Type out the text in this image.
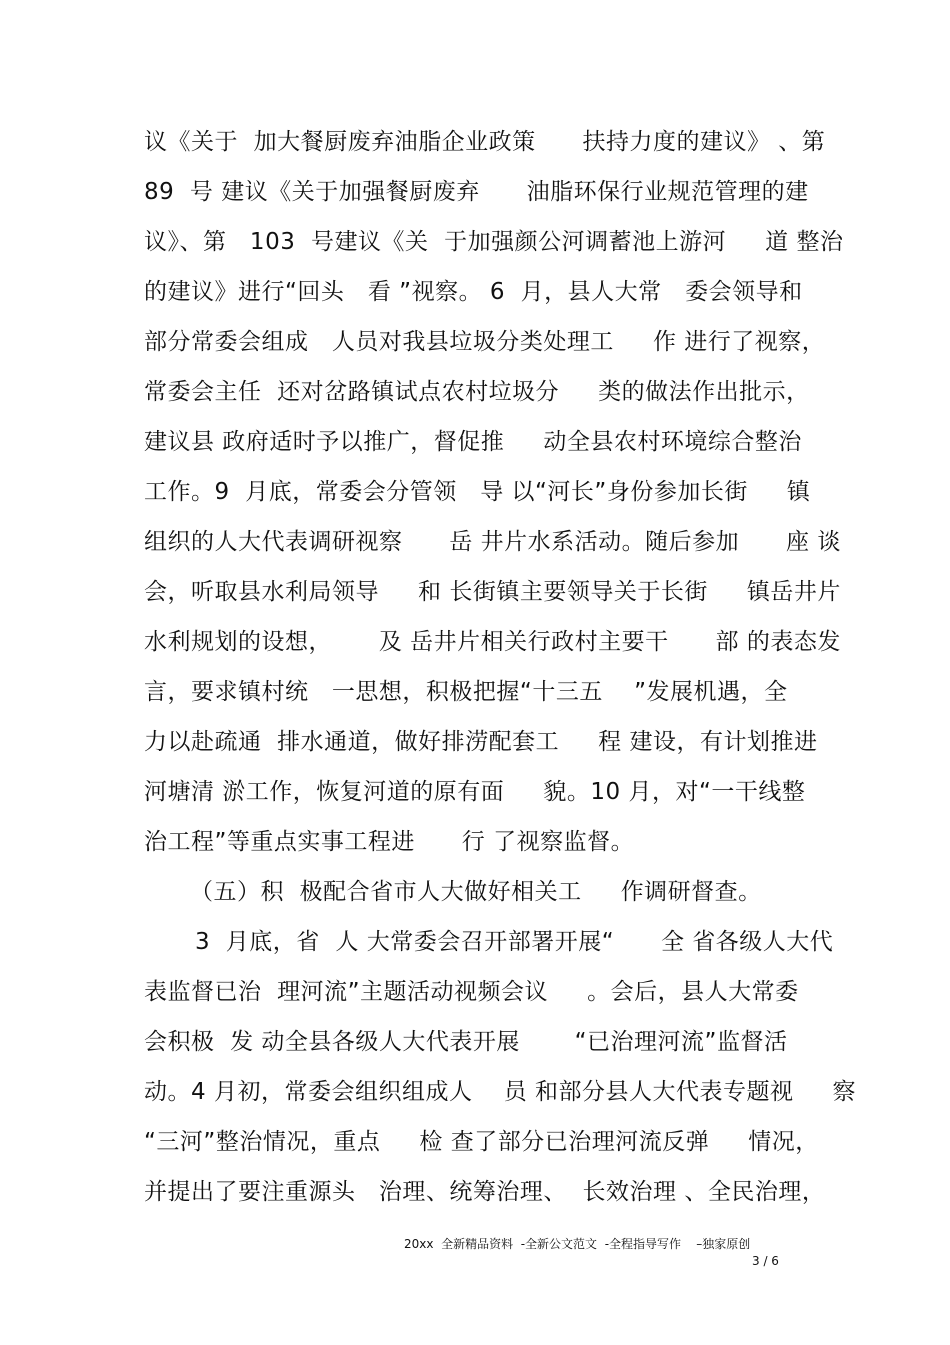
议《关于  加大餐厨废弃油脂企业政策      扶持力度的建议》 、第
89  号 建议《关于加强餐厨废弃      油脂环保行业规范管理的建
议》、第   103  号建议《关  于加强颜公河调蓄池上游河     道 整治
的建议》进行“回头   看 ”视察。 6  月，县人大常   委会领导和
部分常委会组成   人员对我县垃圾分类处理工     作 进行了视察，
常委会主任  还对岔路镇试点农村垃圾分     类的做法作出批示，
建议县 政府适时予以推广，督促推     动全县农村环境综合整治
工作。9  月底，常委会分管领   导 以“河长”身份参加长街     镇
组织的人大代表调研视察      岳 井片水系活动。随后参加      座 谈
会，听取县水利局领导     和 长街镇主要领导关于长街     镇岳井片
水利规划的设想，      及 岳井片相关行政村主要干      部 的表态发
言，要求镇村统   一思想，积极把握“十三五    ”发展机遇，全
力以赴疏通  排水通道，做好排涝配套工     程 建设，有计划推进
河塘清 淤工作，恢复河道的原有面     貌。10 月，对“一干线整
治工程”等重点实事工程进      行 了视察监督。
（五）积  极配合省市人大做好相关工     作调研督查。
3  月底，省  人 大常委会召开部署开展“      全 省各级人大代
表监督已治  理河流”主题活动视频会议     。会后，县人大常委
会积极  发 动全县各级人大代表开展       “已治理河流”监督活
动。4 月初，常委会组织组成人    员 和部分县人大代表专题视     察
“三河”整治情况，重点     检 查了部分已治理河流反弹     情况，
并提出了要注重源头   治理、统筹治理、  长效治理 、全民治理，
20xx  全新精品资料  -全新公文范文  -全程指导写作    –独家原创
3 / 6
